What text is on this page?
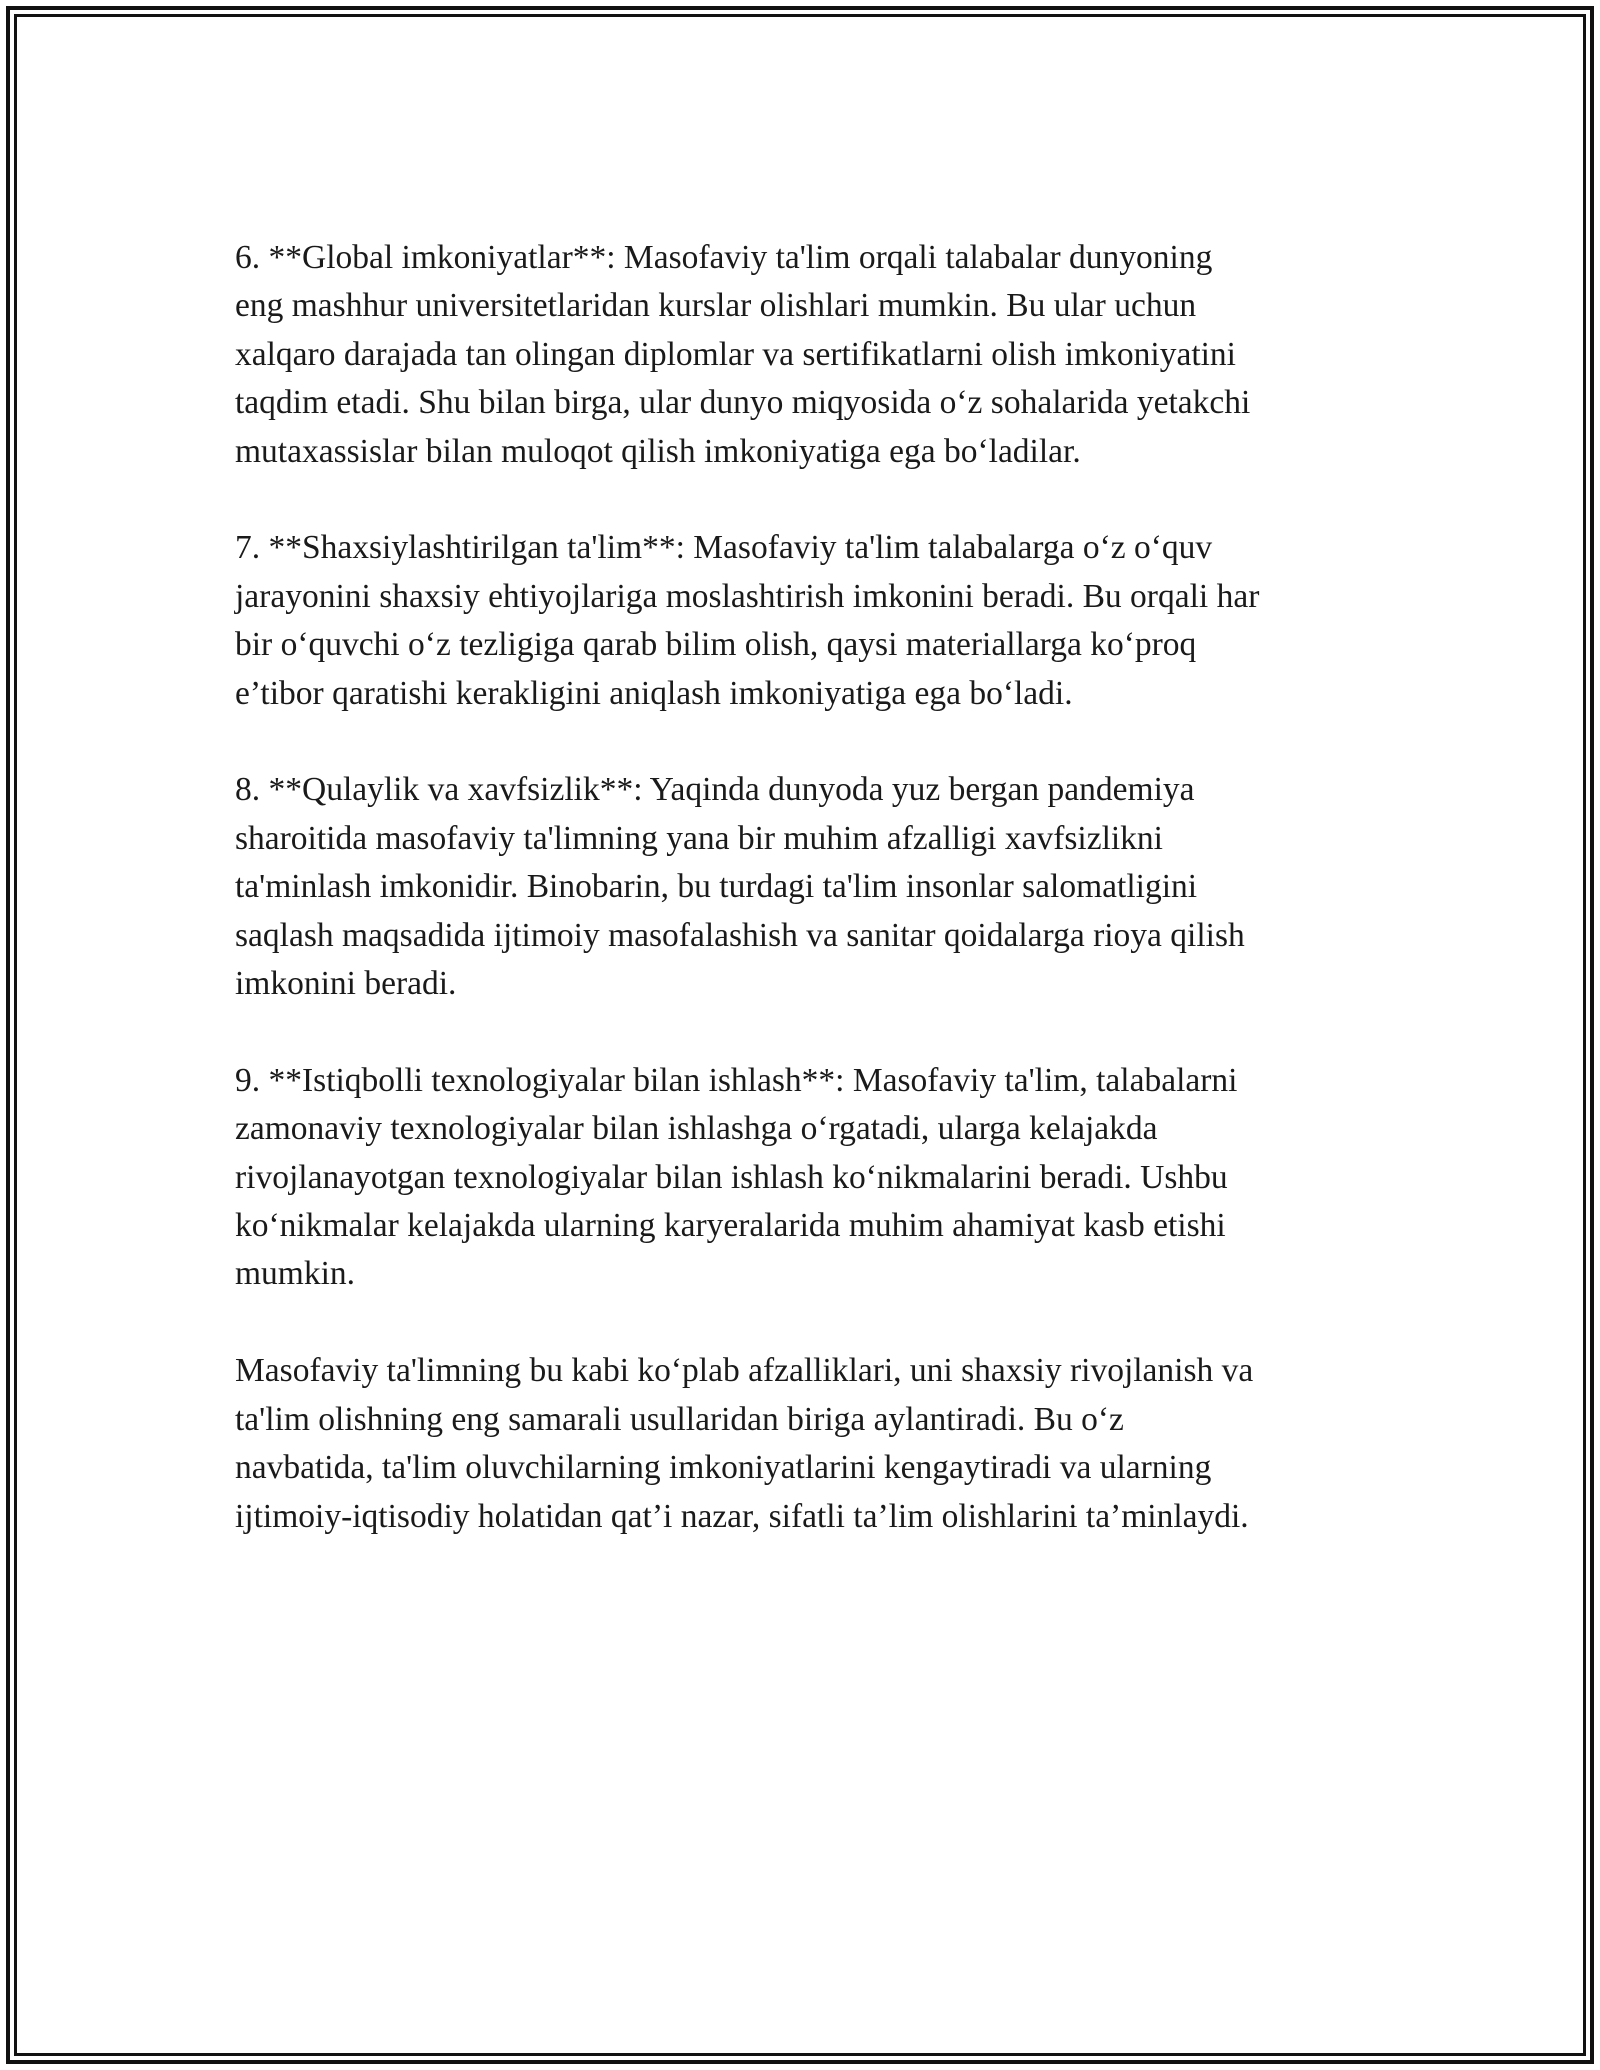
6. **Global imkoniyatlar**: Masofaviy ta'lim orqali talabalar dunyoning
eng mashhur universitetlaridan kurslar olishlari mumkin. Bu ular uchun
xalqaro darajada tan olingan diplomlar va sertifikatlarni olish imkoniyatini
taqdim etadi. Shu bilan birga, ular dunyo miqyosida o‘z sohalarida yetakchi
mutaxassislar bilan muloqot qilish imkoniyatiga ega bo‘ladilar.

7. **Shaxsiylashtirilgan ta'lim**: Masofaviy ta'lim talabalarga o‘z o‘quv
jarayonini shaxsiy ehtiyojlariga moslashtirish imkonini beradi. Bu orqali har
bir o‘quvchi o‘z tezligiga qarab bilim olish, qaysi materiallarga ko‘proq
e’tibor qaratishi kerakligini aniqlash imkoniyatiga ega bo‘ladi.

8. **Qulaylik va xavfsizlik**: Yaqinda dunyoda yuz bergan pandemiya
sharoitida masofaviy ta'limning yana bir muhim afzalligi xavfsizlikni
ta'minlash imkonidir. Binobarin, bu turdagi ta'lim insonlar salomatligini
saqlash maqsadida ijtimoiy masofalashish va sanitar qoidalarga rioya qilish
imkonini beradi.

9. **Istiqbolli texnologiyalar bilan ishlash**: Masofaviy ta'lim, talabalarni
zamonaviy texnologiyalar bilan ishlashga o‘rgatadi, ularga kelajakda
rivojlanayotgan texnologiyalar bilan ishlash ko‘nikmalarini beradi. Ushbu
ko‘nikmalar kelajakda ularning karyeralarida muhim ahamiyat kasb etishi
mumkin.

Masofaviy ta'limning bu kabi ko‘plab afzalliklari, uni shaxsiy rivojlanish va
ta'lim olishning eng samarali usullaridan biriga aylantiradi. Bu o‘z
navbatida, ta'lim oluvchilarning imkoniyatlarini kengaytiradi va ularning
ijtimoiy-iqtisodiy holatidan qat’i nazar, sifatli ta’lim olishlarini ta’minlaydi.
